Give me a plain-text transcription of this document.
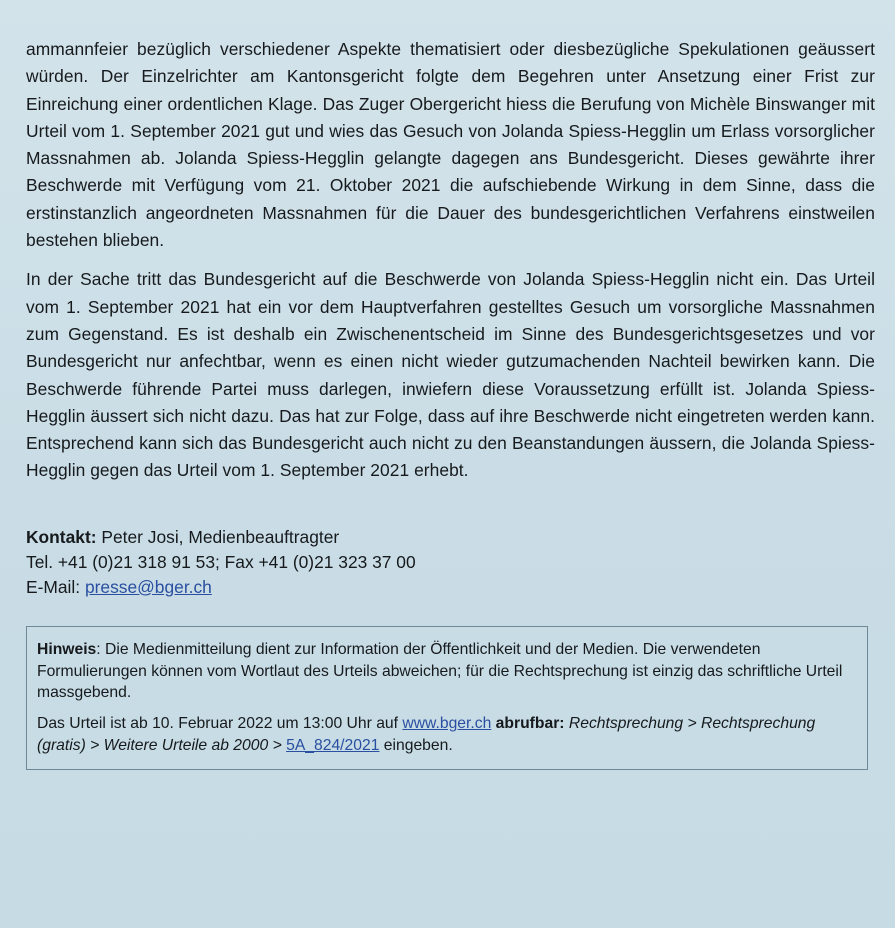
ammannfeier bezüglich verschiedener Aspekte thematisiert oder diesbezügliche Spekulationen geäussert würden. Der Einzelrichter am Kantonsgericht folgte dem Begehren unter Ansetzung einer Frist zur Einreichung einer ordentlichen Klage. Das Zuger Obergericht hiess die Berufung von Michèle Binswanger mit Urteil vom 1. September 2021 gut und wies das Gesuch von Jolanda Spiess-Hegglin um Erlass vorsorglicher Massnahmen ab. Jolanda Spiess-Hegglin gelangte dagegen ans Bundesgericht. Dieses gewährte ihrer Beschwerde mit Verfügung vom 21. Oktober 2021 die aufschiebende Wirkung in dem Sinne, dass die erstinstanzlich angeordneten Massnahmen für die Dauer des bundesgerichtlichen Verfahrens einstweilen bestehen blieben.

In der Sache tritt das Bundesgericht auf die Beschwerde von Jolanda Spiess-Hegglin nicht ein. Das Urteil vom 1. September 2021 hat ein vor dem Hauptverfahren gestelltes Gesuch um vorsorgliche Massnahmen zum Gegenstand. Es ist deshalb ein Zwischenentscheid im Sinne des Bundesgerichtsgesetzes und vor Bundesgericht nur anfechtbar, wenn es einen nicht wieder gutzumachenden Nachteil bewirken kann. Die Beschwerde führende Partei muss darlegen, inwiefern diese Voraussetzung erfüllt ist. Jolanda Spiess-Hegglin äussert sich nicht dazu. Das hat zur Folge, dass auf ihre Beschwerde nicht eingetreten werden kann. Entsprechend kann sich das Bundesgericht auch nicht zu den Beanstandungen äussern, die Jolanda Spiess-Hegglin gegen das Urteil vom 1. September 2021 erhebt.

Kontakt: Peter Josi, Medienbeauftragter

Tel. +41 (0)21 318 91 53; Fax +41 (0)21 323 37 00

E-Mail: presse@bger.ch

Hinweis: Die Medienmitteilung dient zur Information der Öffentlichkeit und der Medien. Die verwendeten Formulierungen können vom Wortlaut des Urteils abweichen; für die Rechtsprechung ist einzig das schriftliche Urteil massgebend.

Das Urteil ist ab 10. Februar 2022 um 13:00 Uhr auf www.bger.ch abrufbar: Rechtsprechung > Rechtsprechung (gratis) > Weitere Urteile ab 2000 > 5A_824/2021 eingeben.
